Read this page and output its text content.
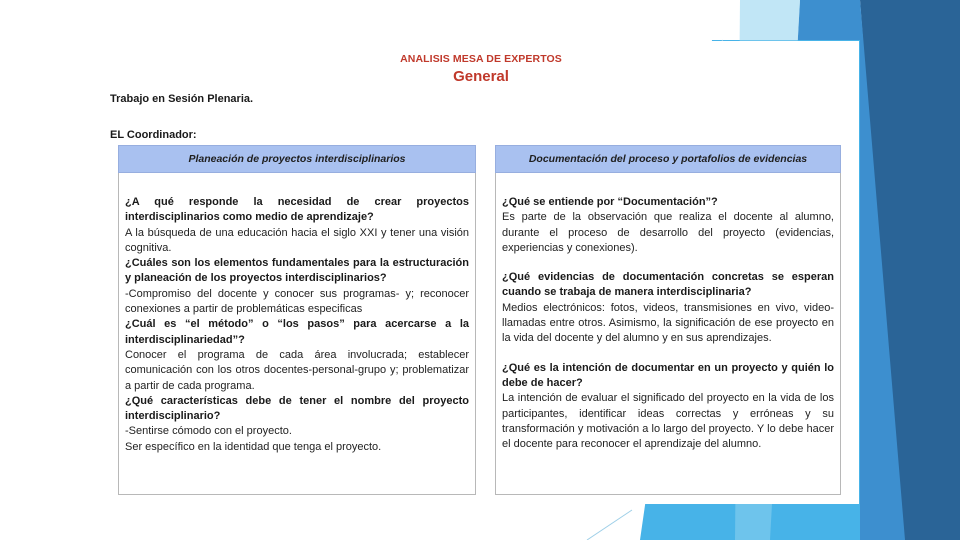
ANALISIS MESA DE EXPERTOS
General
Trabajo en Sesión Plenaria.
EL Coordinador:
Planeación de proyectos interdisciplinarios	Documentación del proceso y portafolios de evidencias

¿A qué responde la necesidad de crear proyectos interdisciplinarios como medio de aprendizaje?

A la búsqueda de una educación hacia el siglo XXI y tener una visión cognitiva.

¿Cuáles son los elementos fundamentales para la estructuración y planeación de los proyectos interdisciplinarios?

-Compromiso del docente y conocer sus programas- y; reconocer conexiones a partir de problemáticas especificas

¿Cuál es “el método” o “los pasos” para acercarse a la interdisciplinariedad”?

Conocer el programa de cada área involucrada; establecer comunicación con los otros docentes-personal-grupo y; problematizar a partir de cada programa.

¿Qué características debe de tener el nombre del proyecto interdisciplinario?

-Sentirse cómodo con el proyecto.

Ser específico en la identidad que tenga el proyecto.

¿Qué se entiende por “Documentación”?

Es parte de la observación que realiza el docente al alumno, durante el proceso de desarrollo del proyecto (evidencias, experiencias y conexiones).

¿Qué evidencias de documentación concretas se esperan cuando se trabaja de manera interdisciplinaria?

Medios electrónicos: fotos, videos, transmisiones en vivo, video-llamadas entre otros. Asimismo, la significación de ese proyecto en la vida del docente y del alumno y en sus aprendizajes.

¿Qué es la intención de documentar en un proyecto y quién lo debe de hacer?

La intención de evaluar el significado del proyecto en la vida de los participantes, identificar ideas correctas y erróneas y su transformación y motivación a lo largo del proyecto. Y lo debe hacer el docente para reconocer el aprendizaje del alumno.
